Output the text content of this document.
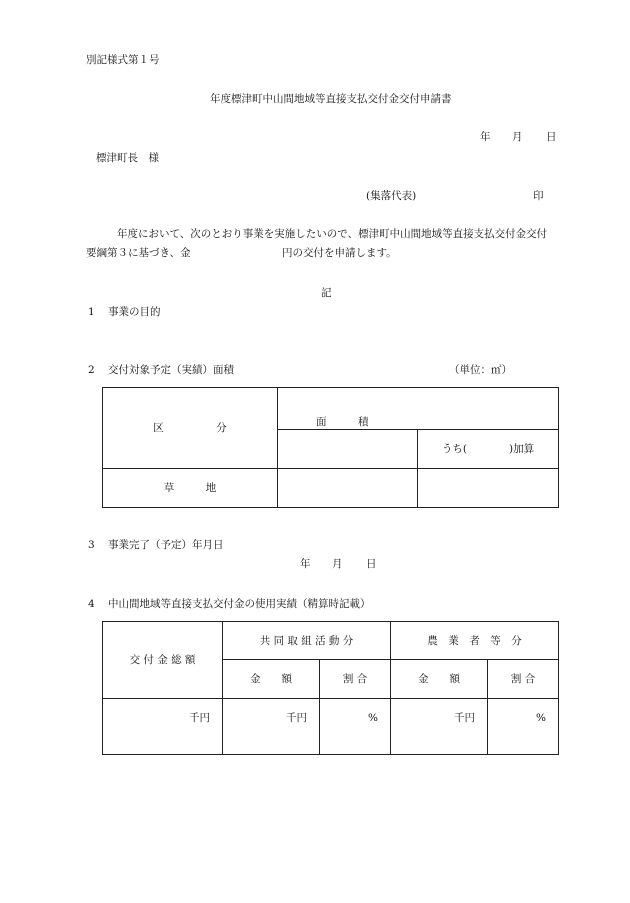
別記様式第１号
年度標津町中山間地域等直接支払交付金交付申請書
年 月 日
標津町長　様
(集落代表)	印
年度において、次のとおり事業を実施したいので、標津町中山間地域等直接支払交付金交付
要綱第３に基づき、金	円の交付を申請します。
記
1 事業の目的
2 交付対象予定（実績）面積	（単位：㎡）
区　　　　　分	面　　　積	
		うち(　　　　)加算
草　　　地		
3 事業完了（予定）年月日
年 月 日
4 中山間地域等直接支払交付金の使用実績（精算時記載）
交 付 金 総 額	共 同 取 組 活 動 分		農　業　者　等　分	
	金　　額	割 合	金　　額	割 合
千円	千円	%	千円	%
